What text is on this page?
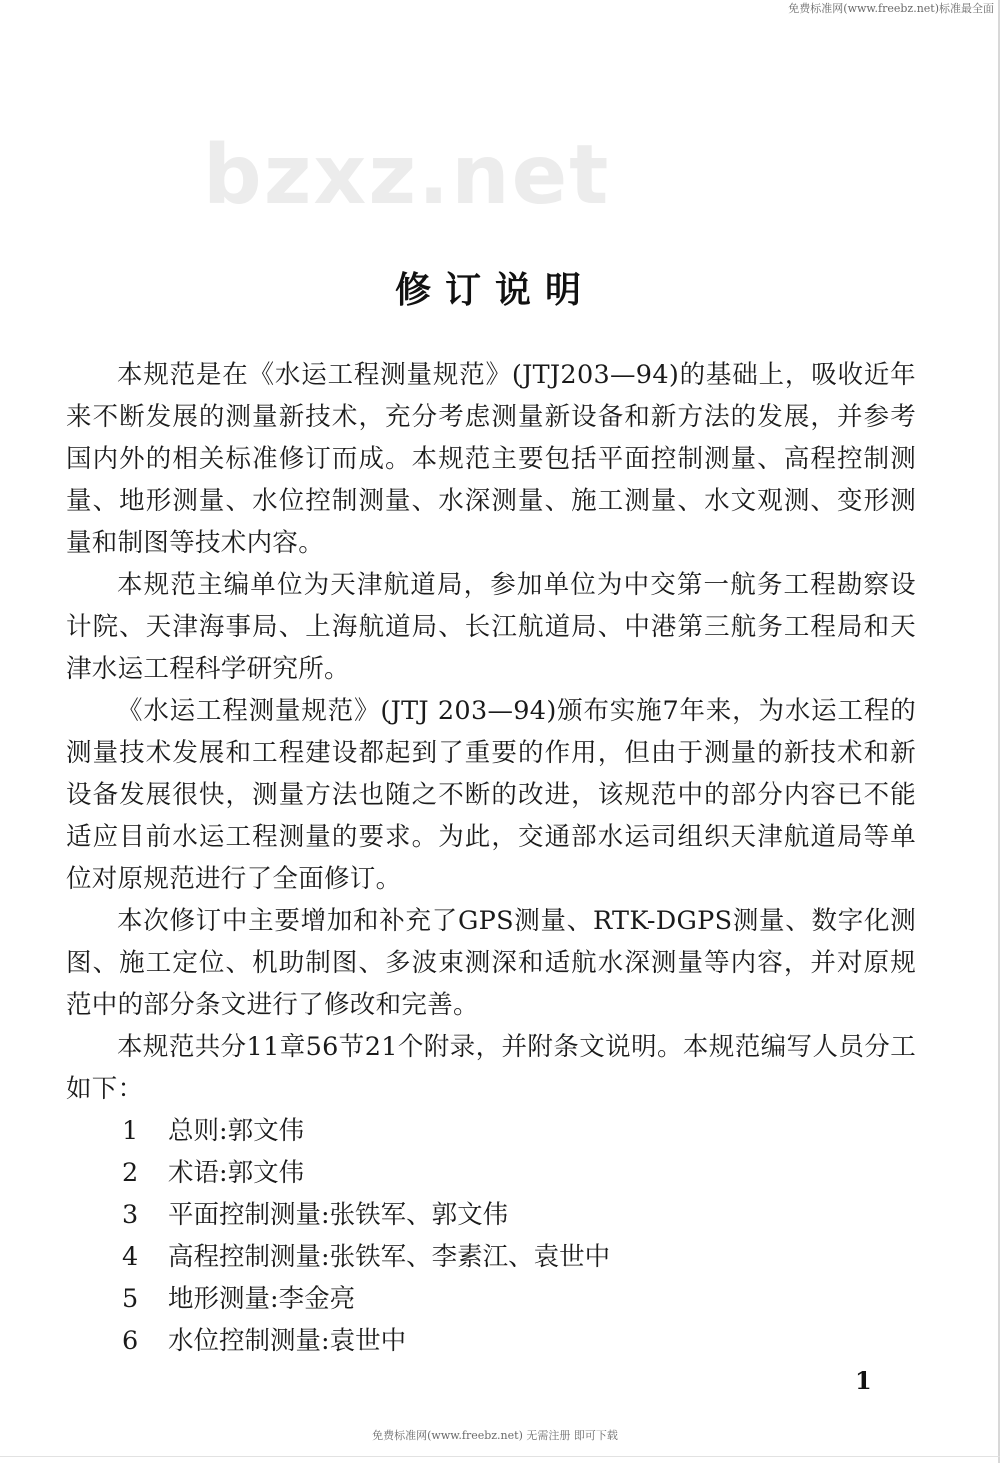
免费标准网(www.freebz.net)标准最全面
bzxz.net
修订说明

本规范是在《水运工程测量规范》(JTJ203—94)的基础上，吸收近年来不断发展的测量新技术，充分考虑测量新设备和新方法的发展，并参考国内外的相关标准修订而成。本规范主要包括平面控制测量、高程控制测量、地形测量、水位控制测量、水深测量、施工测量、水文观测、变形测量和制图等技术内容。

本规范主编单位为天津航道局，参加单位为中交第一航务工程勘察设计院、天津海事局、上海航道局、长江航道局、中港第三航务工程局和天津水运工程科学研究所。

《水运工程测量规范》(JTJ 203—94)颁布实施7年来，为水运工程的测量技术发展和工程建设都起到了重要的作用，但由于测量的新技术和新设备发展很快，测量方法也随之不断的改进，该规范中的部分内容已不能适应目前水运工程测量的要求。为此，交通部水运司组织天津航道局等单位对原规范进行了全面修订。

本次修订中主要增加和补充了GPS测量、RTK-DGPS测量、数字化测图、施工定位、机助制图、多波束测深和适航水深测量等内容，并对原规范中的部分条文进行了修改和完善。

本规范共分11章56节21个附录，并附条文说明。本规范编写人员分工如下：

1 总则:郭文伟
2 术语:郭文伟
3 平面控制测量:张铁军、郭文伟
4 高程控制测量:张铁军、李素江、袁世中
5 地形测量:李金亮
6 水位控制测量:袁世中
1
免费标准网(www.freebz.net) 无需注册 即可下载
